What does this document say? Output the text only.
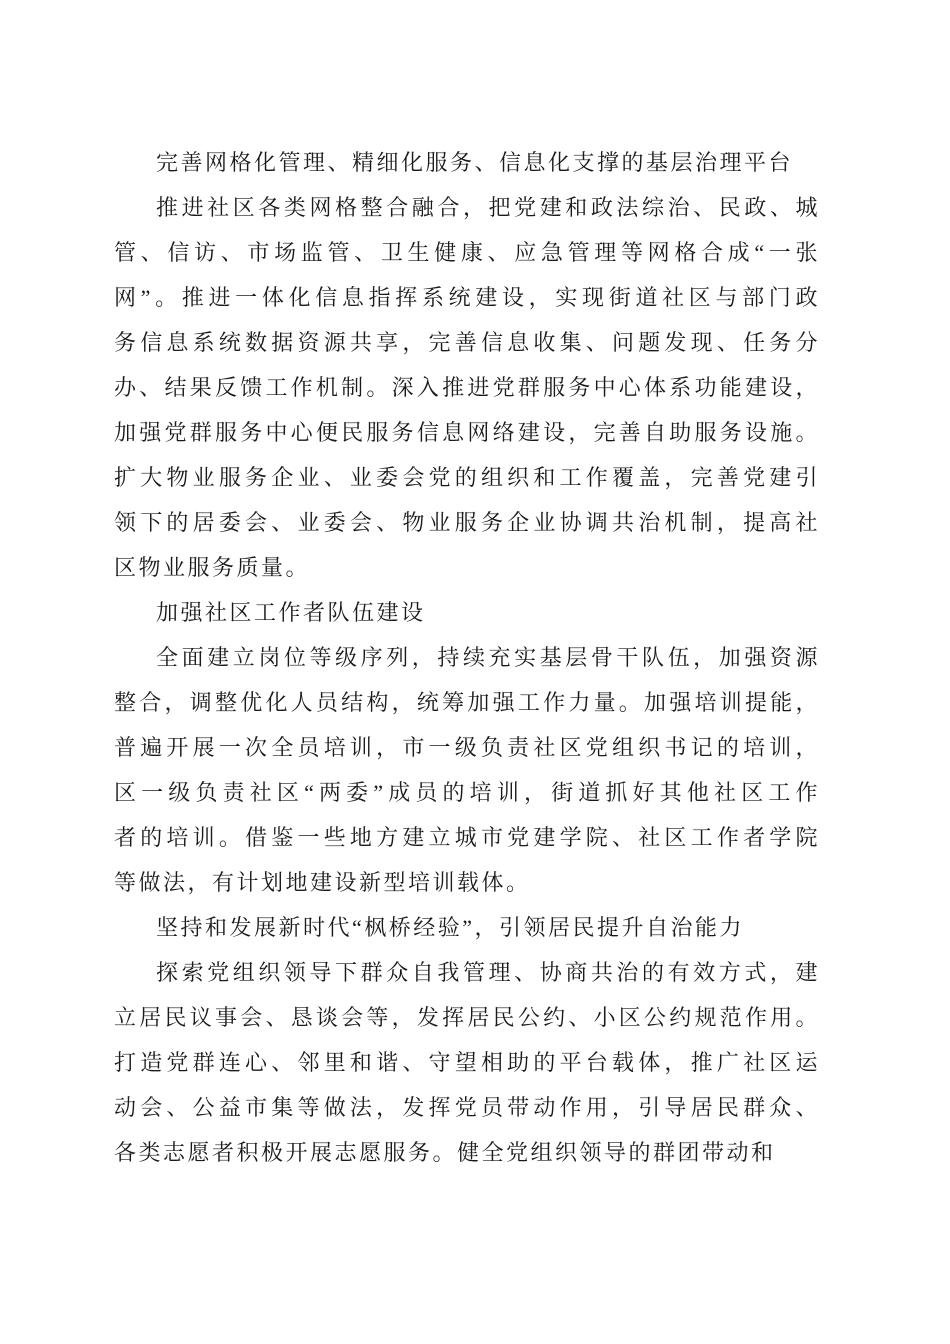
完善网格化管理、精细化服务、信息化支撑的基层治理平台
推进社区各类网格整合融合，把党建和政法综治、民政、城
管、信访、市场监管、卫生健康、应急管理等网格合成“一张
网”。推进一体化信息指挥系统建设，实现街道社区与部门政
务信息系统数据资源共享，完善信息收集、问题发现、任务分
办、结果反馈工作机制。深入推进党群服务中心体系功能建设，
加强党群服务中心便民服务信息网络建设，完善自助服务设施。
扩大物业服务企业、业委会党的组织和工作覆盖，完善党建引
领下的居委会、业委会、物业服务企业协调共治机制，提高社
区物业服务质量。
加强社区工作者队伍建设
全面建立岗位等级序列，持续充实基层骨干队伍，加强资源
整合，调整优化人员结构，统筹加强工作力量。加强培训提能，
普遍开展一次全员培训，市一级负责社区党组织书记的培训，
区一级负责社区“两委”成员的培训，街道抓好其他社区工作
者的培训。借鉴一些地方建立城市党建学院、社区工作者学院
等做法，有计划地建设新型培训载体。
坚持和发展新时代“枫桥经验”，引领居民提升自治能力
探索党组织领导下群众自我管理、协商共治的有效方式，建
立居民议事会、恳谈会等，发挥居民公约、小区公约规范作用。
打造党群连心、邻里和谐、守望相助的平台载体，推广社区运
动会、公益市集等做法，发挥党员带动作用，引导居民群众、
各类志愿者积极开展志愿服务。健全党组织领导的群团带动和
